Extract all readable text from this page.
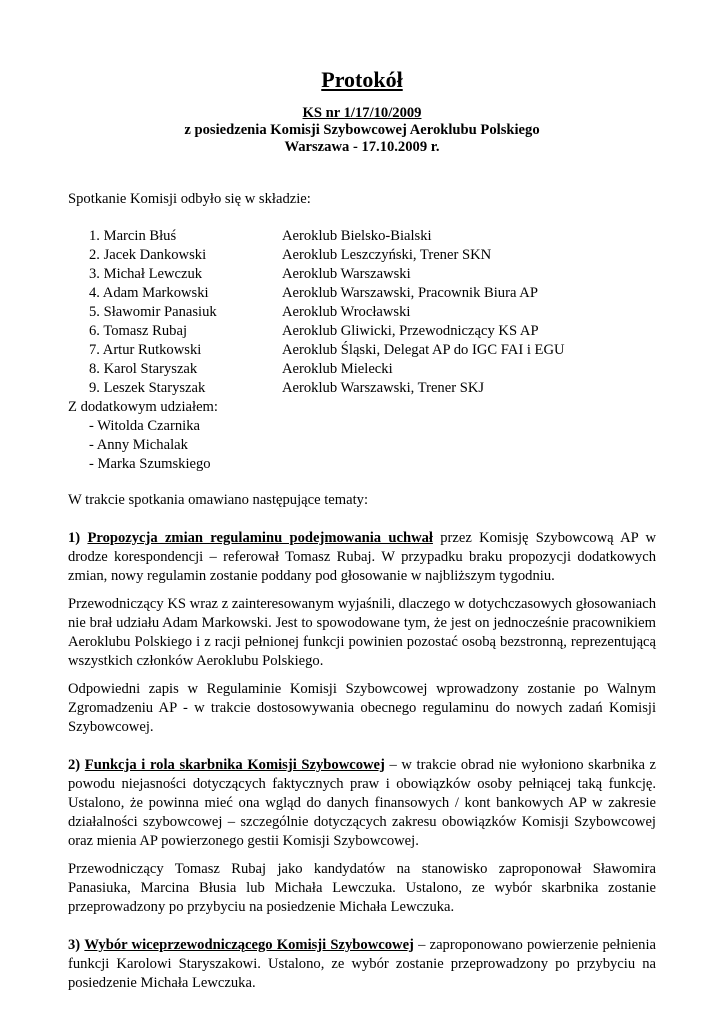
Protokół
KS nr 1/17/10/2009
z posiedzenia Komisji Szybowcowej Aeroklubu Polskiego
Warszawa - 17.10.2009 r.

Spotkanie Komisji odbyło się w składzie:

1. Marcin Błuś	Aeroklub Bielsko-Bialski
2. Jacek Dankowski	Aeroklub Leszczyński, Trener SKN
3. Michał Lewczuk	Aeroklub Warszawski
4. Adam Markowski	Aeroklub Warszawski, Pracownik Biura AP
5. Sławomir Panasiuk	Aeroklub Wrocławski
6. Tomasz Rubaj	Aeroklub Gliwicki, Przewodniczący KS AP
7. Artur Rutkowski	Aeroklub Śląski, Delegat AP do IGC FAI i EGU
8. Karol Staryszak	Aeroklub Mielecki
9. Leszek Staryszak	Aeroklub Warszawski, Trener SKJ

Z dodatkowym udziałem:

- Witolda Czarnika
- Anny Michalak
- Marka Szumskiego

W trakcie spotkania omawiano następujące tematy:

1) Propozycja zmian regulaminu podejmowania uchwał przez Komisję Szybowcową AP w drodze korespondencji – referował Tomasz Rubaj. W przypadku braku propozycji dodatkowych zmian, nowy regulamin zostanie poddany pod głosowanie w najbliższym tygodniu.

Przewodniczący KS wraz z zainteresowanym wyjaśnili, dlaczego w dotychczasowych głosowaniach nie brał udziału Adam Markowski. Jest to spowodowane tym, że jest on jednocześnie pracownikiem Aeroklubu Polskiego i z racji pełnionej funkcji powinien pozostać osobą bezstronną, reprezentującą wszystkich członków Aeroklubu Polskiego.

Odpowiedni zapis w Regulaminie Komisji Szybowcowej wprowadzony zostanie po Walnym Zgromadzeniu AP - w trakcie dostosowywania obecnego regulaminu do nowych zadań Komisji Szybowcowej.

2) Funkcja i rola skarbnika Komisji Szybowcowej – w trakcie obrad nie wyłoniono skarbnika z powodu niejasności dotyczących faktycznych praw i obowiązków osoby pełniącej taką funkcję. Ustalono, że powinna mieć ona wgląd do danych finansowych / kont bankowych AP w zakresie działalności szybowcowej – szczególnie dotyczących zakresu obowiązków Komisji Szybowcowej oraz mienia AP powierzonego gestii Komisji Szybowcowej.

Przewodniczący Tomasz Rubaj jako kandydatów na stanowisko zaproponował Sławomira Panasiuka, Marcina Błusia lub Michała Lewczuka. Ustalono, ze wybór skarbnika zostanie przeprowadzony po przybyciu na posiedzenie Michała Lewczuka.

3) Wybór wiceprzewodniczącego Komisji Szybowcowej – zaproponowano powierzenie pełnienia funkcji Karolowi Staryszakowi. Ustalono, ze wybór zostanie przeprowadzony po przybyciu na posiedzenie Michała Lewczuka.
